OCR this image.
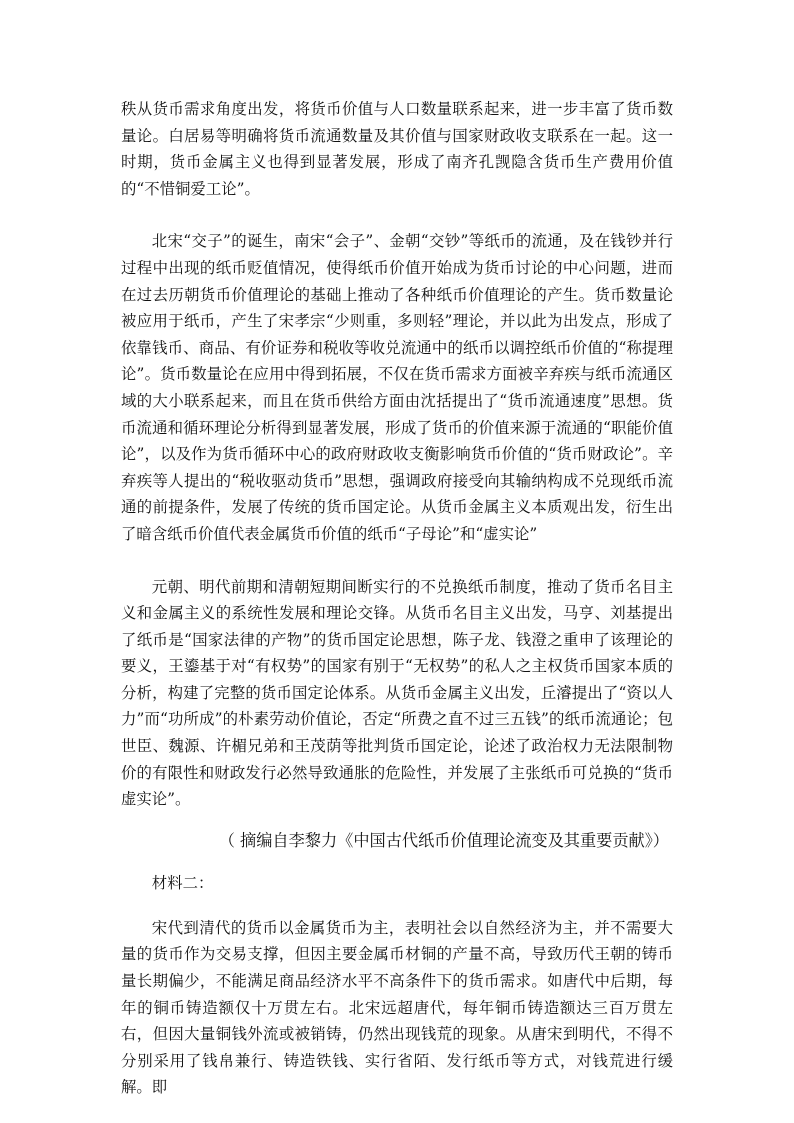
秩从货币需求角度出发，将货币价值与人口数量联系起来，进一步丰富了货币数量论。白居易等明确将货币流通数量及其价值与国家财政收支联系在一起。这一时期，货币金属主义也得到显著发展，形成了南齐孔觊隐含货币生产费用价值的“不惜铜爱工论”。

北宋“交子”的诞生，南宋“会子”、金朝“交钞”等纸币的流通，及在钱钞并行过程中出现的纸币贬值情况，使得纸币价值开始成为货币讨论的中心问题，进而在过去历朝货币价值理论的基础上推动了各种纸币价值理论的产生。货币数量论被应用于纸币，产生了宋孝宗“少则重，多则轻”理论，并以此为出发点，形成了依靠钱币、商品、有价证券和税收等收兑流通中的纸币以调控纸币价值的“称提理论”。货币数量论在应用中得到拓展，不仅在货币需求方面被辛弃疾与纸币流通区域的大小联系起来，而且在货币供给方面由沈括提出了“货币流通速度”思想。货币流通和循环理论分析得到显著发展，形成了货币的价值来源于流通的“职能价值论”，以及作为货币循环中心的政府财政收支衡影响货币价值的“货币财政论”。辛弃疾等人提出的“税收驱动货币”思想，强调政府接受向其输纳构成不兑现纸币流通的前提条件，发展了传统的货币国定论。从货币金属主义本质观出发，衍生出了暗含纸币价值代表金属货币价值的纸币“子母论”和“虚实论”

元朝、明代前期和清朝短期间断实行的不兑换纸币制度，推动了货币名目主义和金属主义的系统性发展和理论交锋。从货币名目主义出发，马亨、刘基提出了纸币是“国家法律的产物”的货币国定论思想，陈子龙、钱澄之重申了该理论的要义，王鎏基于对“有权势”的国家有别于“无权势”的私人之主权货币国家本质的分析，构建了完整的货币国定论体系。从货币金属主义出发，丘濬提出了“资以人力”而“功所成”的朴素劳动价值论，否定“所费之直不过三五钱”的纸币流通论；包世臣、魏源、许楣兄弟和王茂荫等批判货币国定论，论述了政治权力无法限制物价的有限性和财政发行必然导致通胀的危险性，并发展了主张纸币可兑换的“货币虚实论”。

（ 摘编自李黎力《中国古代纸币价值理论流变及其重要贡献》）

材料二：

宋代到清代的货币以金属货币为主，表明社会以自然经济为主，并不需要大量的货币作为交易支撑，但因主要金属币材铜的产量不高，导致历代王朝的铸币量长期偏少，不能满足商品经济水平不高条件下的货币需求。如唐代中后期，每年的铜币铸造额仅十万贯左右。北宋远超唐代，每年铜币铸造额达三百万贯左右，但因大量铜钱外流或被销铸，仍然出现钱荒的现象。从唐宋到明代，不得不分别采用了钱帛兼行、铸造铁钱、实行省陌、发行纸币等方式，对钱荒进行缓解。即
